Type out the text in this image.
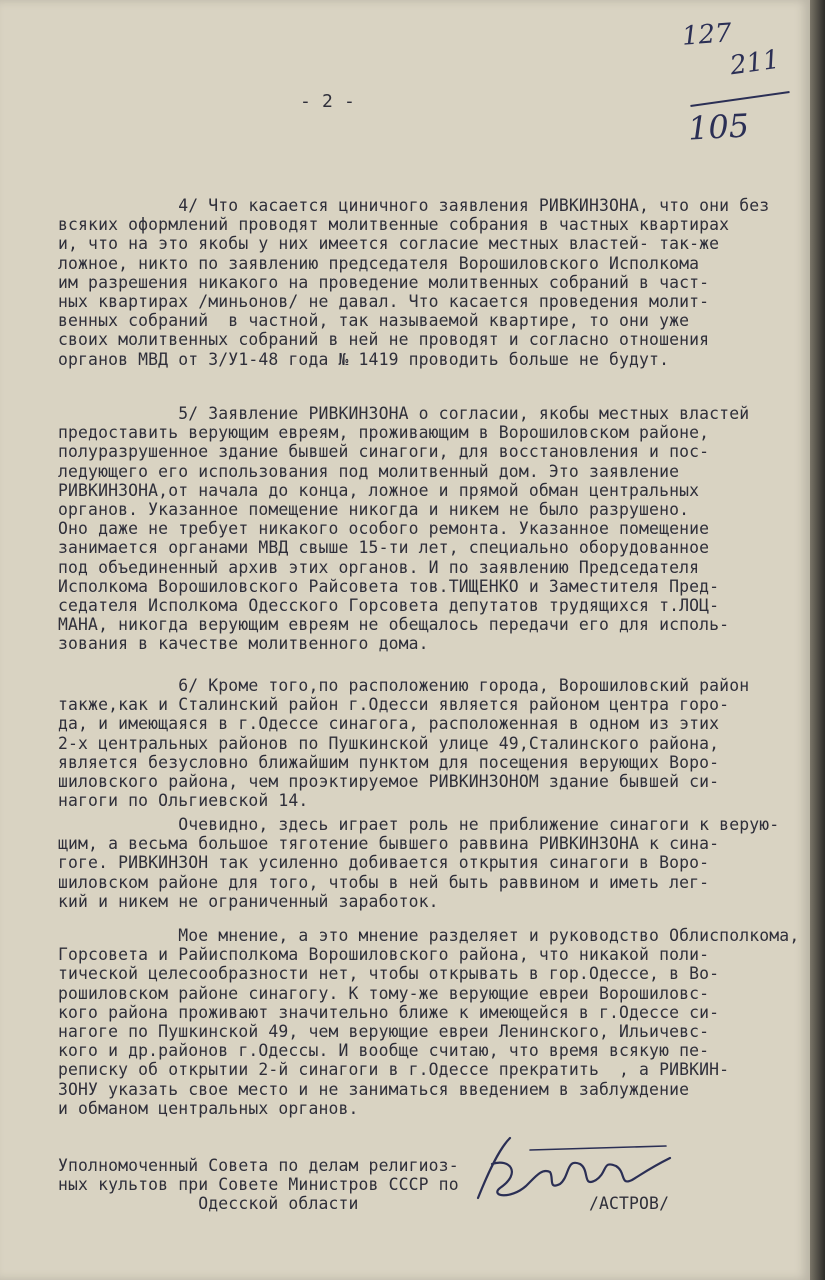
127
211
105
- 2 -
4/ Что касается циничного заявления РИВКИНЗОНА, что они без
всяких оформлений проводят молитвенные собрания в частных квартирах
и, что на это якобы у них имеется согласие местных властей- так-же
ложное, никто по заявлению председателя Ворошиловского Исполкома
им разрешения никакого на проведение молитвенных собраний в част-
ных квартирах /миньонов/ не давал. Что касается проведения молит-
венных собраний  в частной, так называемой квартире, то они уже
своих молитвенных собраний в ней не проводят и согласно отношения
органов МВД от 3/У1-48 года № 1419 проводить больше не будут.
5/ Заявление РИВКИНЗОНА о согласии, якобы местных властей
предоставить верующим евреям, проживающим в Ворошиловском районе,
полуразрушенное здание бывшей синагоги, для восстановления и пос-
ледующего его использования под молитвенный дом. Это заявление
РИВКИНЗОНА,от начала до конца, ложное и прямой обман центральных
органов. Указанное помещение никогда и никем не было разрушено.
Оно даже не требует никакого особого ремонта. Указанное помещение
занимается органами МВД свыше 15-ти лет, специально оборудованное
под объединенный архив этих органов. И по заявлению Председателя
Исполкома Ворошиловского Райсовета тов.ТИЩЕНКО и Заместителя Пред-
седателя Исполкома Одесского Горсовета депутатов трудящихся т.ЛОЦ-
МАНА, никогда верующим евреям не обещалось передачи его для исполь-
зования в качестве молитвенного дома.
6/ Кроме того,по расположению города, Ворошиловский район
также,как и Сталинский район г.Одесси является районом центра горо-
да, и имеющаяся в г.Одессе синагога, расположенная в одном из этих
2-х центральных районов по Пушкинской улице 49,Сталинского района,
является безусловно ближайшим пунктом для посещения верующих Воро-
шиловского района, чем проэктируемое РИВКИНЗОНОМ здание бывшей си-
нагоги по Ольгиевской 14.
Очевидно, здесь играет роль не приближение синагоги к верую-
щим, а весьма большое тяготение бывшего раввина РИВКИНЗОНА к сина-
гоге. РИВКИНЗОН так усиленно добивается открытия синагоги в Воро-
шиловском районе для того, чтобы в ней быть раввином и иметь лег-
кий и никем не ограниченный заработок.
Мое мнение, а это мнение разделяет и руководство Облисполкома,
Горсовета и Райисполкома Ворошиловского района, что никакой поли-
тической целесообразности нет, чтобы открывать в гор.Одессе, в Во-
рошиловском районе синагогу. К тому-же верующие евреи Ворошиловс-
кого района проживают значительно ближе к имеющейся в г.Одессе си-
нагоге по Пушкинской 49, чем верующие евреи Ленинского, Ильичевс-
кого и др.районов г.Одессы. И вообще считаю, что время всякую пе-
реписку об открытии 2-й синагоги в г.Одессе прекратить  , а РИВКИН-
ЗОНУ указать свое место и не заниматься введением в заблуждение
и обманом центральных органов.
Уполномоченный Совета по делам религиоз-
ных культов при Совете Министров СССР по
Одесской области                       /АСТРОВ/
